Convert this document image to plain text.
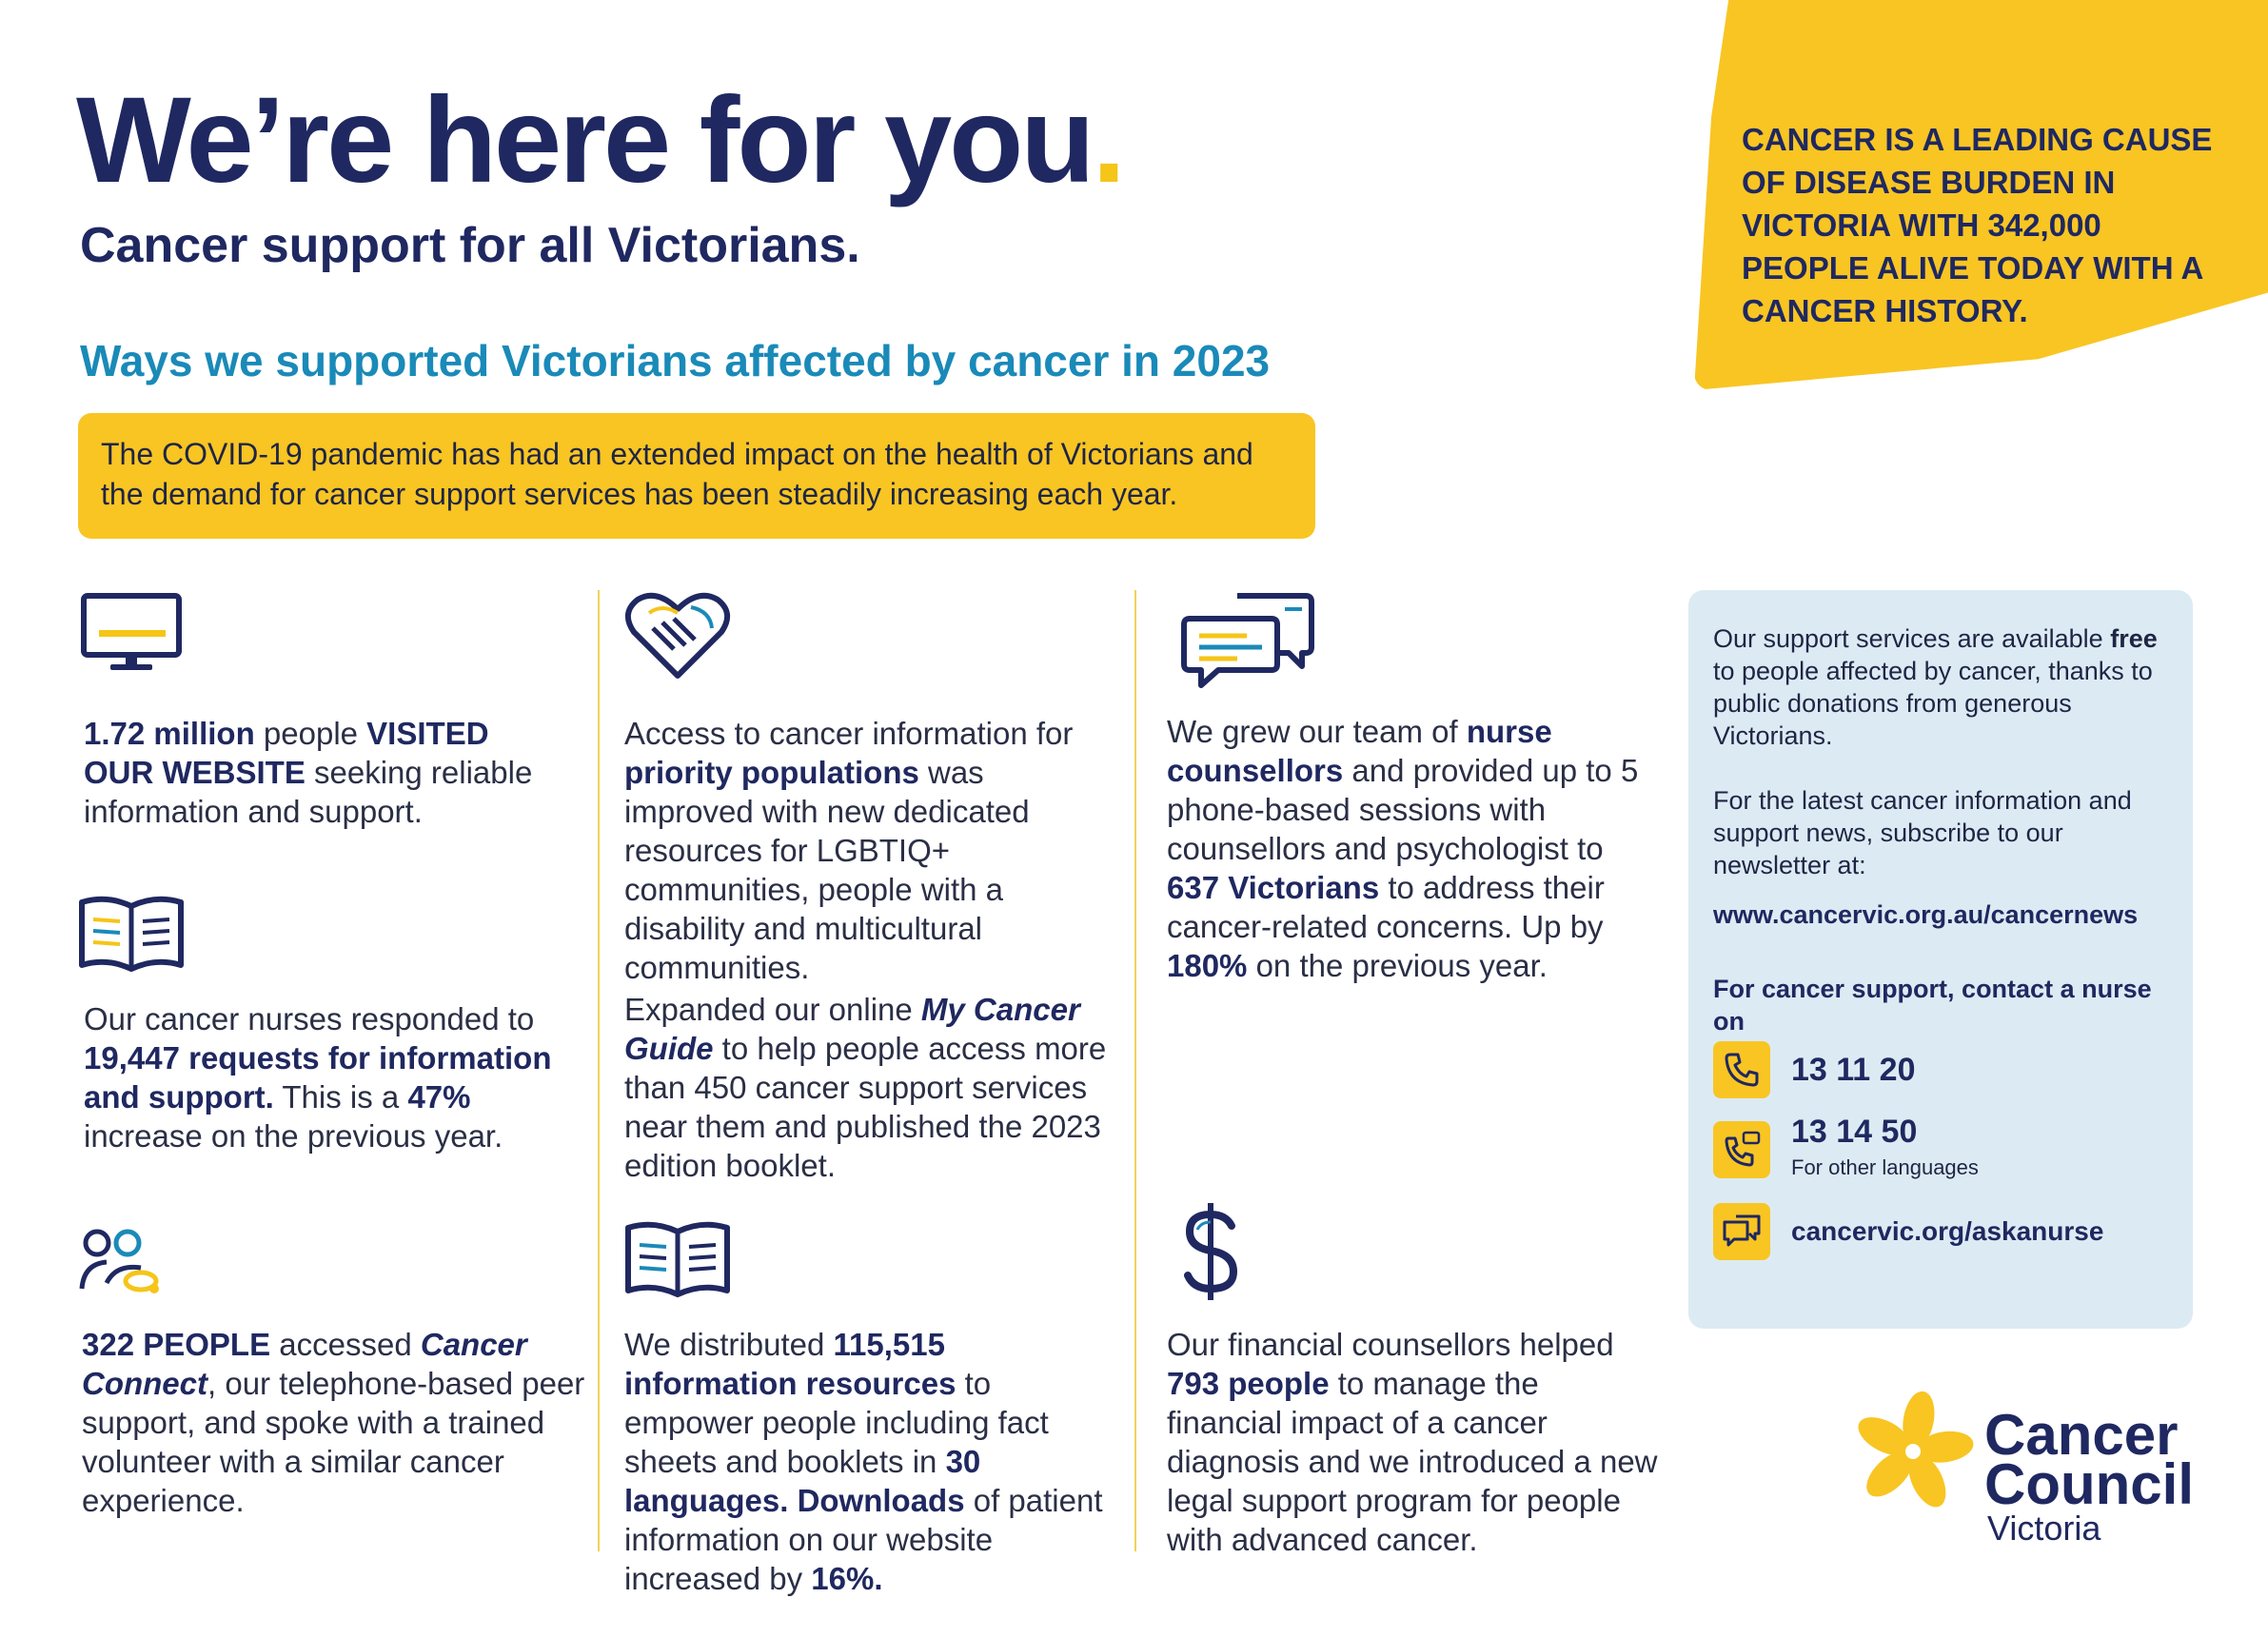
We’re here for you.
Cancer support for all Victorians.
Ways we supported Victorians affected by cancer in 2023
The COVID-19 pandemic has had an extended impact on the health of Victorians and the demand for cancer support services has been steadily increasing each year.
CANCER IS A LEADING CAUSE OF DISEASE BURDEN IN VICTORIA WITH 342,000 PEOPLE ALIVE TODAY WITH A CANCER HISTORY.
1.72 million people VISITED OUR WEBSITE seeking reliable information and support.
Our cancer nurses responded to 19,447 requests for information and support. This is a 47% increase on the previous year.
322 PEOPLE accessed Cancer Connect, our telephone-based peer support, and spoke with a trained volunteer with a similar cancer experience.
Access to cancer information for priority populations was improved with new dedicated resources for LGBTIQ+ communities, people with a disability and multicultural communities.
Expanded our online My Cancer Guide to help people access more than 450 cancer support services near them and published the 2023 edition booklet.
We distributed 115,515 information resources to empower people including fact sheets and booklets in 30 languages. Downloads of patient information on our website increased by 16%.
We grew our team of nurse counsellors and provided up to 5 phone-based sessions with counsellors and psychologist to 637 Victorians to address their cancer-related concerns. Up by 180% on the previous year.
Our financial counsellors helped 793 people to manage the financial impact of a cancer diagnosis and we introduced a new legal support program for people with advanced cancer.

Our support services are available free to people affected by cancer, thanks to public donations from generous Victorians.

For the latest cancer information and support news, subscribe to our newsletter at:

www.cancervic.org.au/cancernews

For cancer support, contact a nurse on

13 11 20
13 14 50
For other languages
cancervic.org/askanurse
Cancer
Council
Victoria
